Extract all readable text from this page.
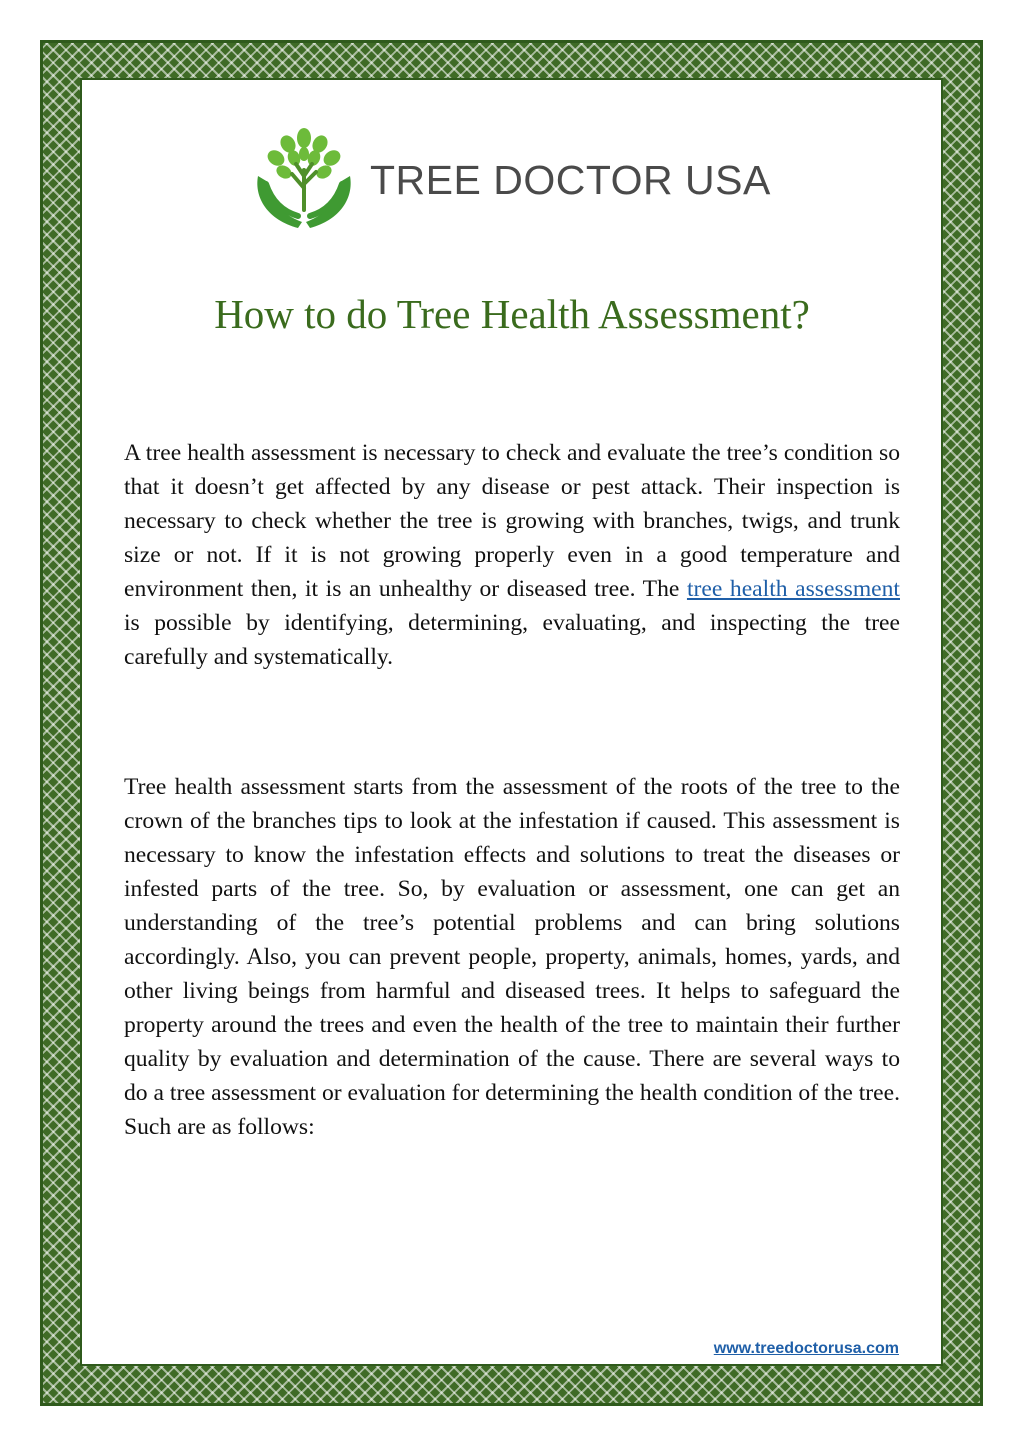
TREE DOCTOR USA
How to do Tree Health Assessment?

A tree health assessment is necessary to check and evaluate the tree’s condition so that it doesn’t get affected by any disease or pest attack. Their inspection is necessary to check whether the tree is growing with branches, twigs, and trunk size or not. If it is not growing properly even in a good temperature and environment then, it is an unhealthy or diseased tree. The tree health assessment is possible by identifying, determining, evaluating, and inspecting the tree carefully and systematically.

Tree health assessment starts from the assessment of the roots of the tree to the crown of the branches tips to look at the infestation if caused. This assessment is necessary to know the infestation effects and solutions to treat the diseases or infested parts of the tree. So, by evaluation or assessment, one can get an understanding of the tree’s potential problems and can bring solutions accordingly. Also, you can prevent people, property, animals, homes, yards, and other living beings from harmful and diseased trees. It helps to safeguard the property around the trees and even the health of the tree to maintain their further quality by evaluation and determination of the cause. There are several ways to do a tree assessment or evaluation for determining the health condition of the tree. Such are as follows:

www.treedoctorusa.com
